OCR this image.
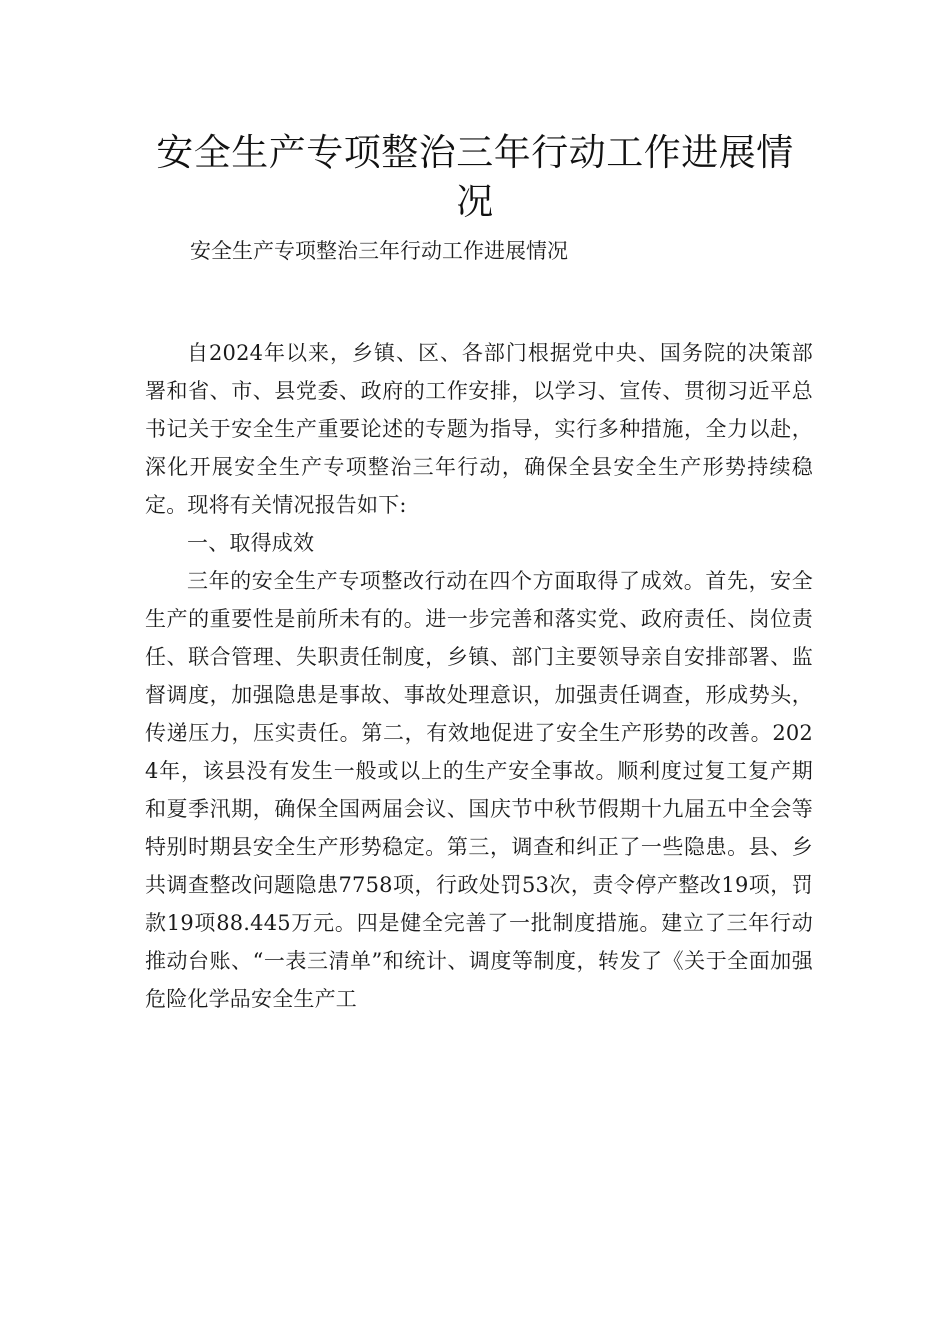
安全生产专项整治三年行动工作进展情况

安全生产专项整治三年行动工作进展情况

自2024年以来，乡镇、区、各部门根据党中央、国务院的决策部署和省、市、县党委、政府的工作安排，以学习、宣传、贯彻习近平总书记关于安全生产重要论述的专题为指导，实行多种措施，全力以赴，深化开展安全生产专项整治三年行动，确保全县安全生产形势持续稳定。现将有关情况报告如下:

一、取得成效

三年的安全生产专项整改行动在四个方面取得了成效。首先，安全生产的重要性是前所未有的。进一步完善和落实党、政府责任、岗位责任、联合管理、失职责任制度，乡镇、部门主要领导亲自安排部署、监督调度，加强隐患是事故、事故处理意识，加强责任调查，形成势头，传递压力，压实责任。第二，有效地促进了安全生产形势的改善。2024年，该县没有发生一般或以上的生产安全事故。顺利度过复工复产期和夏季汛期，确保全国两届会议、国庆节中秋节假期十九届五中全会等特别时期县安全生产形势稳定。第三，调查和纠正了一些隐患。县、乡共调查整改问题隐患7758项，行政处罚53次，责令停产整改19项，罚款19项88.445万元。四是健全完善了一批制度措施。建立了三年行动推动台账、“一表三清单”和统计、调度等制度，转发了《关于全面加强危险化学品安全生产工
